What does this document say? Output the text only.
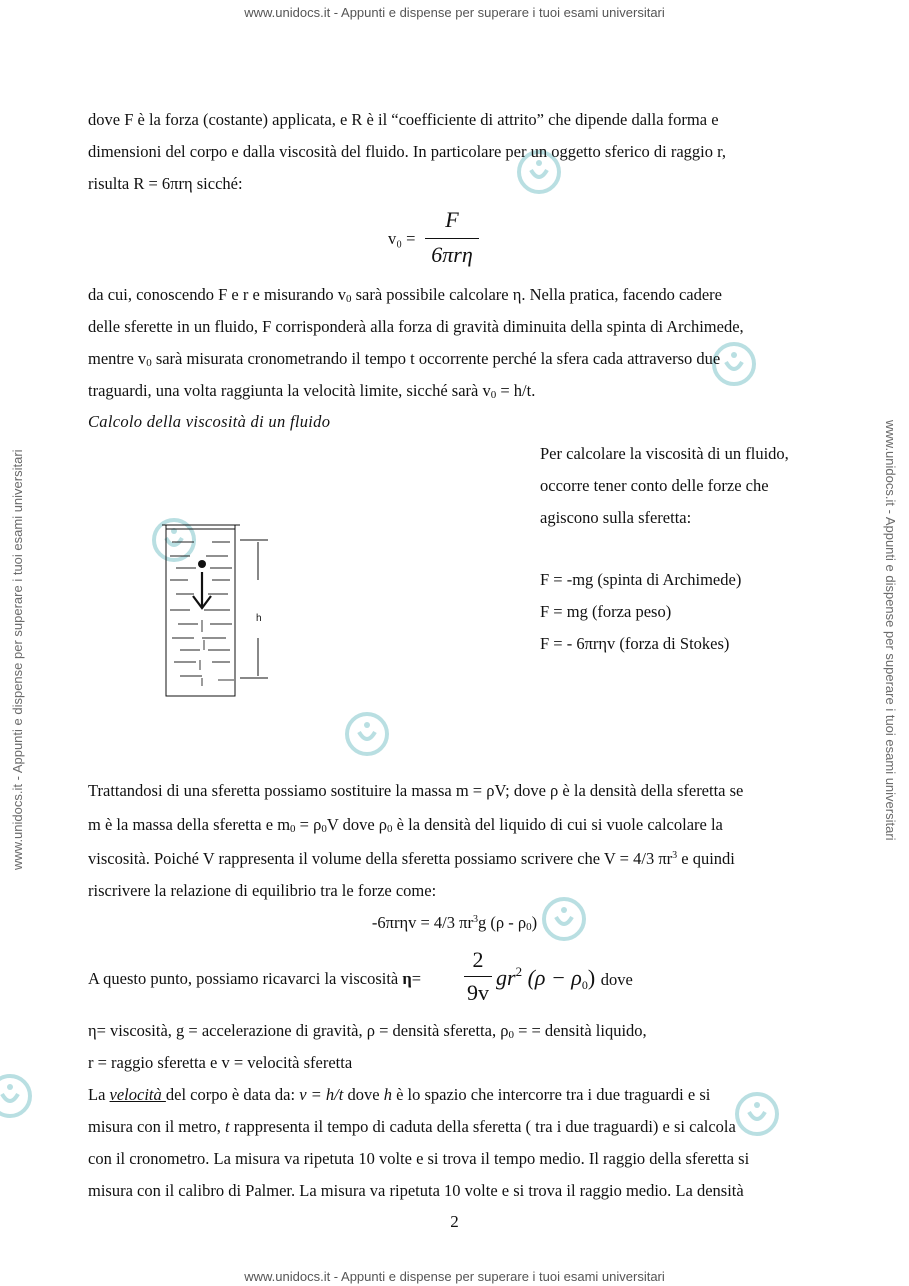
www.unidocs.it - Appunti e dispense per superare i tuoi esami universitari
www.unidocs.it - Appunti e dispense per superare i tuoi esami universitari
www.unidocs.it - Appunti e dispense per superare i tuoi esami universitari	www.unidocs.it - Appunti e dispense per superare i tuoi esami universitari
dove F è la forza (costante) applicata, e R è il “coefficiente di attrito” che dipende dalla forma e
dimensioni del corpo e dalla viscosità del fluido. In particolare per un oggetto sferico di raggio r,
risulta R = 6πrη sicché:
v₀ =
F
6πrη
da cui, conoscendo F e r e misurando v0 sarà possibile calcolare η. Nella pratica, facendo cadere
delle sferette in un fluido, F corrisponderà alla forza di gravità diminuita della spinta di Archimede,
mentre v0 sarà misurata cronometrando il tempo t occorrente perché la sfera cada attraverso due
traguardi, una volta raggiunta la velocità limite, sicché sarà v0 = h/t.
Calcolo della viscosità di un fluido
Per calcolare la viscosità di un fluido,
occorre tener conto delle forze che
agiscono sulla sferetta:
F = -mg (spinta di Archimede)
F = mg (forza peso)
F = - 6πrηv (forza di Stokes)
h
Trattandosi di una sferetta possiamo sostituire la massa m = ρV; dove ρ è la densità della sferetta se
m è la massa della sferetta e m0 = ρ0V dove ρ0 è la densità del liquido di cui si vuole calcolare la
viscosità. Poiché V rappresenta il volume della sferetta possiamo scrivere che V = 4/3 $\pi r^3$ e quindi
riscrivere la relazione di equilibrio tra le forze come:
-6πrηv = 4/3 $\pi r^3g$ (ρ - ρ0)
A questo punto, possiamo ricavarci la viscosità η=
2
9v
$gr^2$ (ρ − ρ0) dove
η= viscosità, g = accelerazione di gravità, ρ = densità sferetta, ρ0 = = densità liquido,
r = raggio sferetta e v = velocità sferetta
La velocità del corpo è data da: v = h/t dove h è lo spazio che intercorre tra i due traguardi e si
misura con il metro, t rappresenta il tempo di caduta della sferetta ( tra i due traguardi) e si calcola
con il cronometro. La misura va ripetuta 10 volte e si trova il tempo medio. Il raggio della sferetta si
misura con il calibro di Palmer. La misura va ripetuta 10 volte e si trova il raggio medio. La densità
2
